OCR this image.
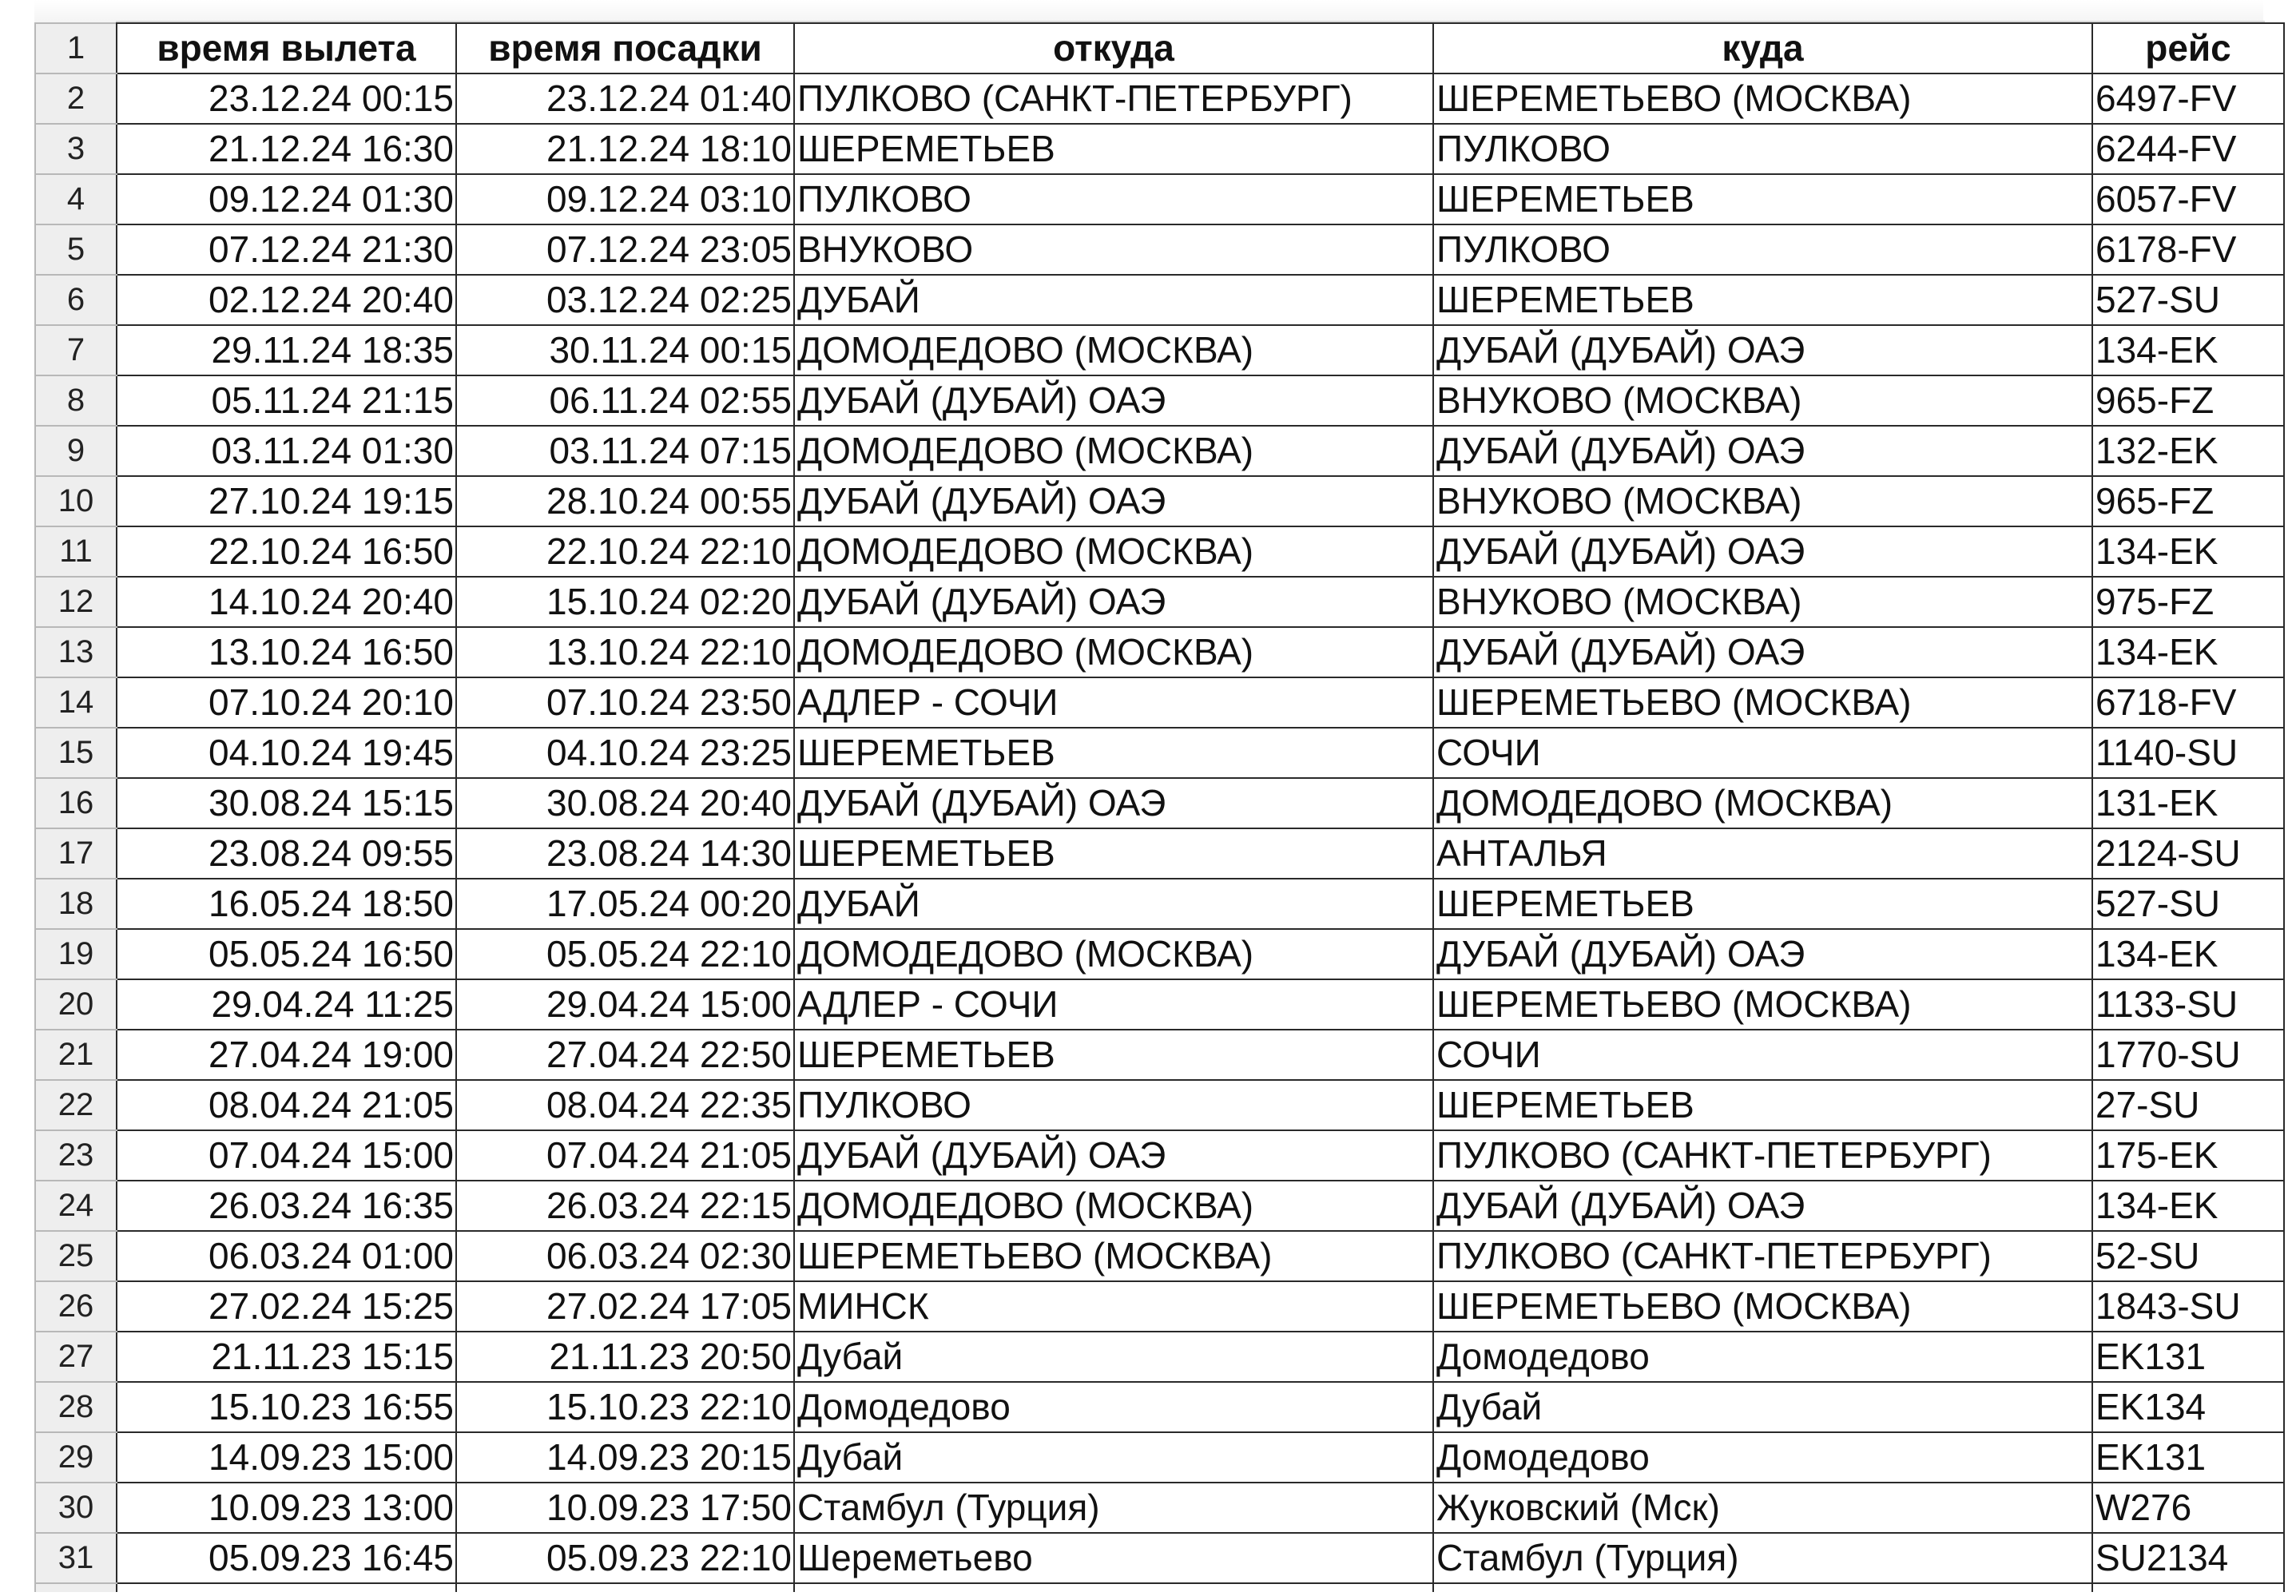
1	время вылета	время посадки	откуда	куда	рейс
2	23.12.24 00:15	23.12.24 01:40	ПУЛКОВО (САНКТ-ПЕТЕРБУРГ)	ШЕРЕМЕТЬЕВО (МОСКВА)	6497-FV
3	21.12.24 16:30	21.12.24 18:10	ШЕРЕМЕТЬЕВ	ПУЛКОВО	6244-FV
4	09.12.24 01:30	09.12.24 03:10	ПУЛКОВО	ШЕРЕМЕТЬЕВ	6057-FV
5	07.12.24 21:30	07.12.24 23:05	ВНУКОВО	ПУЛКОВО	6178-FV
6	02.12.24 20:40	03.12.24 02:25	ДУБАЙ	ШЕРЕМЕТЬЕВ	527-SU
7	29.11.24 18:35	30.11.24 00:15	ДОМОДЕДОВО (МОСКВА)	ДУБАЙ (ДУБАЙ) ОАЭ	134-EK
8	05.11.24 21:15	06.11.24 02:55	ДУБАЙ (ДУБАЙ) ОАЭ	ВНУКОВО (МОСКВА)	965-FZ
9	03.11.24 01:30	03.11.24 07:15	ДОМОДЕДОВО (МОСКВА)	ДУБАЙ (ДУБАЙ) ОАЭ	132-EK
10	27.10.24 19:15	28.10.24 00:55	ДУБАЙ (ДУБАЙ) ОАЭ	ВНУКОВО (МОСКВА)	965-FZ
11	22.10.24 16:50	22.10.24 22:10	ДОМОДЕДОВО (МОСКВА)	ДУБАЙ (ДУБАЙ) ОАЭ	134-EK
12	14.10.24 20:40	15.10.24 02:20	ДУБАЙ (ДУБАЙ) ОАЭ	ВНУКОВО (МОСКВА)	975-FZ
13	13.10.24 16:50	13.10.24 22:10	ДОМОДЕДОВО (МОСКВА)	ДУБАЙ (ДУБАЙ) ОАЭ	134-EK
14	07.10.24 20:10	07.10.24 23:50	АДЛЕР - СОЧИ	ШЕРЕМЕТЬЕВО (МОСКВА)	6718-FV
15	04.10.24 19:45	04.10.24 23:25	ШЕРЕМЕТЬЕВ	СОЧИ	1140-SU
16	30.08.24 15:15	30.08.24 20:40	ДУБАЙ (ДУБАЙ) ОАЭ	ДОМОДЕДОВО (МОСКВА)	131-EK
17	23.08.24 09:55	23.08.24 14:30	ШЕРЕМЕТЬЕВ	АНТАЛЬЯ	2124-SU
18	16.05.24 18:50	17.05.24 00:20	ДУБАЙ	ШЕРЕМЕТЬЕВ	527-SU
19	05.05.24 16:50	05.05.24 22:10	ДОМОДЕДОВО (МОСКВА)	ДУБАЙ (ДУБАЙ) ОАЭ	134-EK
20	29.04.24 11:25	29.04.24 15:00	АДЛЕР - СОЧИ	ШЕРЕМЕТЬЕВО (МОСКВА)	1133-SU
21	27.04.24 19:00	27.04.24 22:50	ШЕРЕМЕТЬЕВ	СОЧИ	1770-SU
22	08.04.24 21:05	08.04.24 22:35	ПУЛКОВО	ШЕРЕМЕТЬЕВ	27-SU
23	07.04.24 15:00	07.04.24 21:05	ДУБАЙ (ДУБАЙ) ОАЭ	ПУЛКОВО (САНКТ-ПЕТЕРБУРГ)	175-EK
24	26.03.24 16:35	26.03.24 22:15	ДОМОДЕДОВО (МОСКВА)	ДУБАЙ (ДУБАЙ) ОАЭ	134-EK
25	06.03.24 01:00	06.03.24 02:30	ШЕРЕМЕТЬЕВО (МОСКВА)	ПУЛКОВО (САНКТ-ПЕТЕРБУРГ)	52-SU
26	27.02.24 15:25	27.02.24 17:05	МИНСК	ШЕРЕМЕТЬЕВО (МОСКВА)	1843-SU
27	21.11.23 15:15	21.11.23 20:50	Дубай	Домодедово	EK131
28	15.10.23 16:55	15.10.23 22:10	Домодедово	Дубай	EK134
29	14.09.23 15:00	14.09.23 20:15	Дубай	Домодедово	EK131
30	10.09.23 13:00	10.09.23 17:50	Стамбул (Турция)	Жуковский (Мск)	W276
31	05.09.23 16:45	05.09.23 22:10	Шереметьево	Стамбул (Турция)	SU2134
